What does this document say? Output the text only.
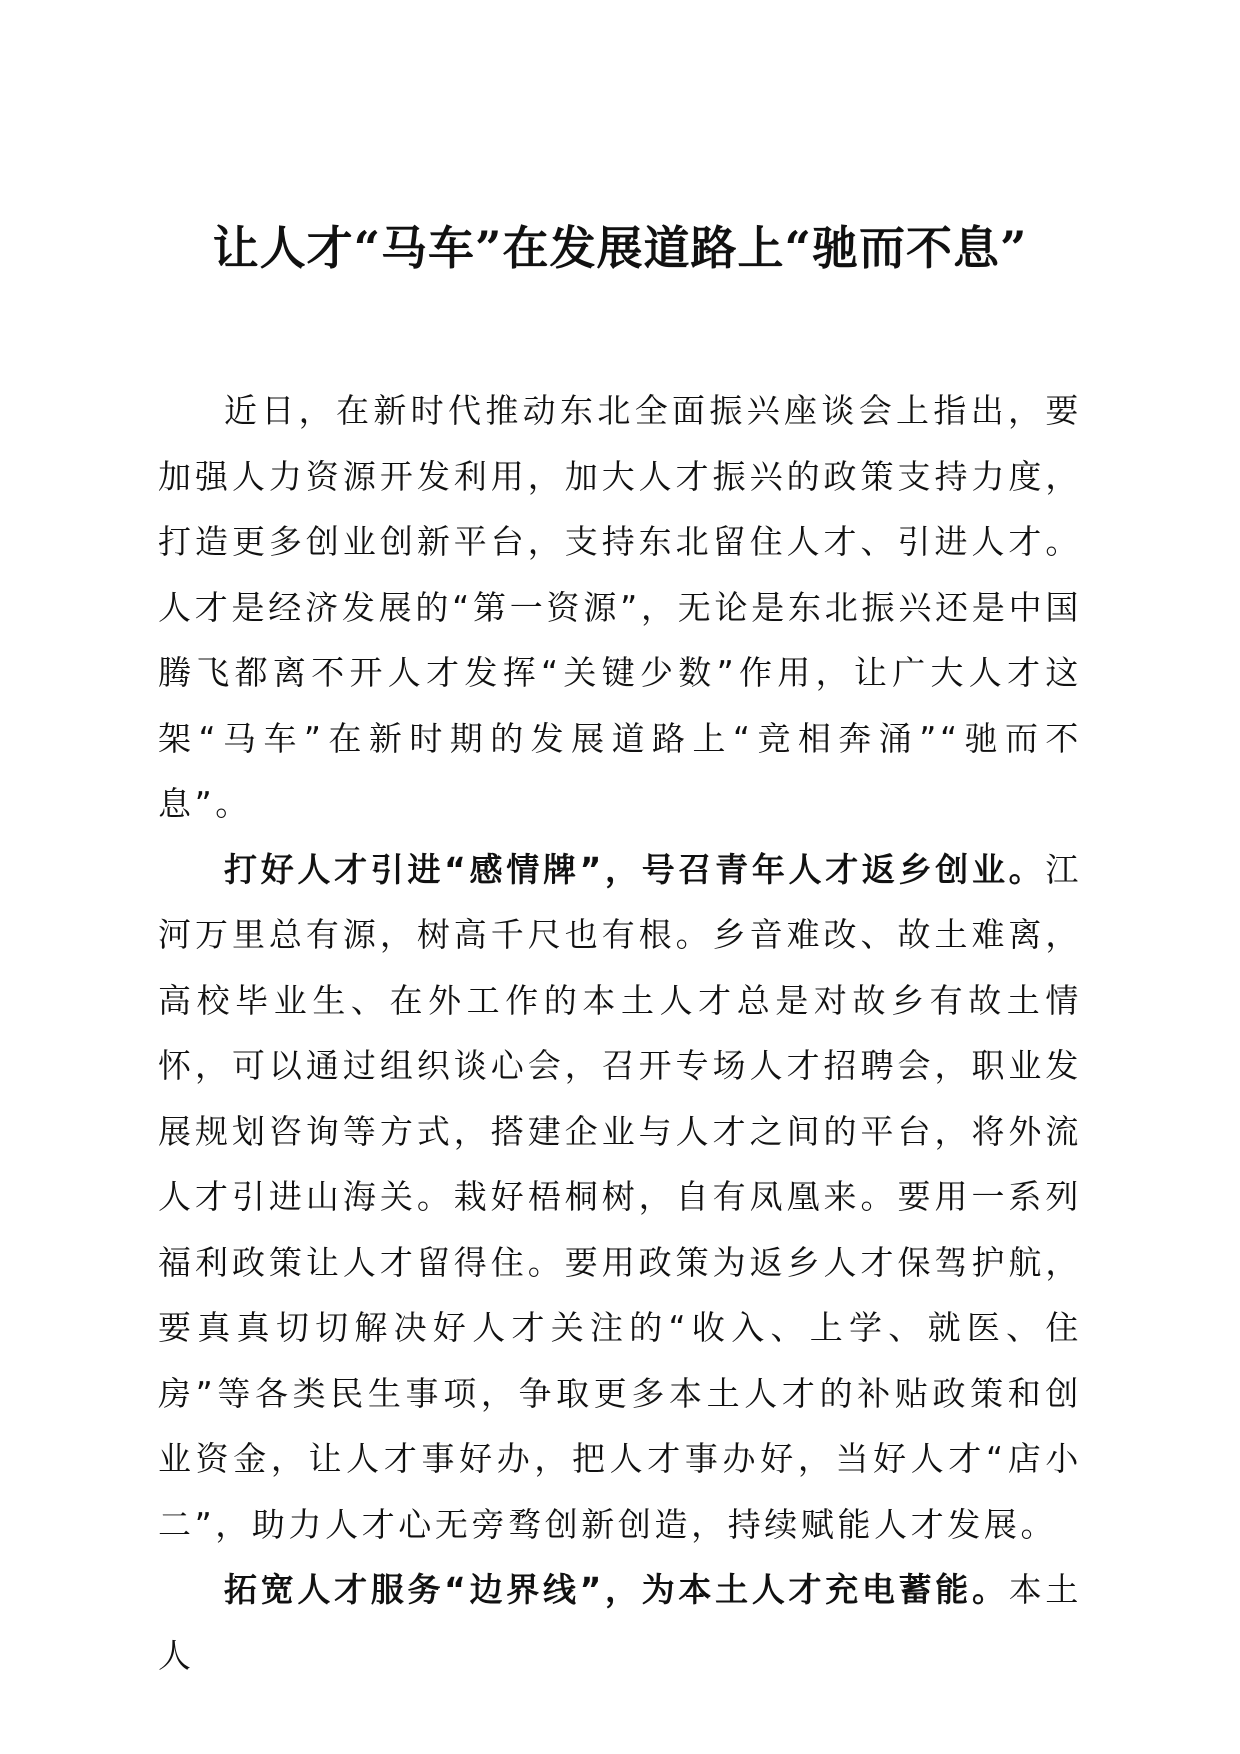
让人才“马车”在发展道路上“驰而不息”

近日，在新时代推动东北全面振兴座谈会上指出，要加强人力资源开发利用，加大人才振兴的政策支持力度，打造更多创业创新平台，支持东北留住人才、引进人才。人才是经济发展的“第一资源”，无论是东北振兴还是中国腾飞都离不开人才发挥“关键少数”作用，让广大人才这架“马车”在新时期的发展道路上“竞相奔涌”“驰而不息”。

打好人才引进“感情牌”，号召青年人才返乡创业。江河万里总有源，树高千尺也有根。乡音难改、故土难离，高校毕业生、在外工作的本土人才总是对故乡有故土情怀，可以通过组织谈心会，召开专场人才招聘会，职业发展规划咨询等方式，搭建企业与人才之间的平台，将外流人才引进山海关。栽好梧桐树，自有凤凰来。要用一系列福利政策让人才留得住。要用政策为返乡人才保驾护航，要真真切切解决好人才关注的“收入、上学、就医、住房”等各类民生事项，争取更多本土人才的补贴政策和创业资金，让人才事好办，把人才事办好，当好人才“店小二”，助力人才心无旁骛创新创造，持续赋能人才发展。

拓宽人才服务“边界线”，为本土人才充电蓄能。本土人
